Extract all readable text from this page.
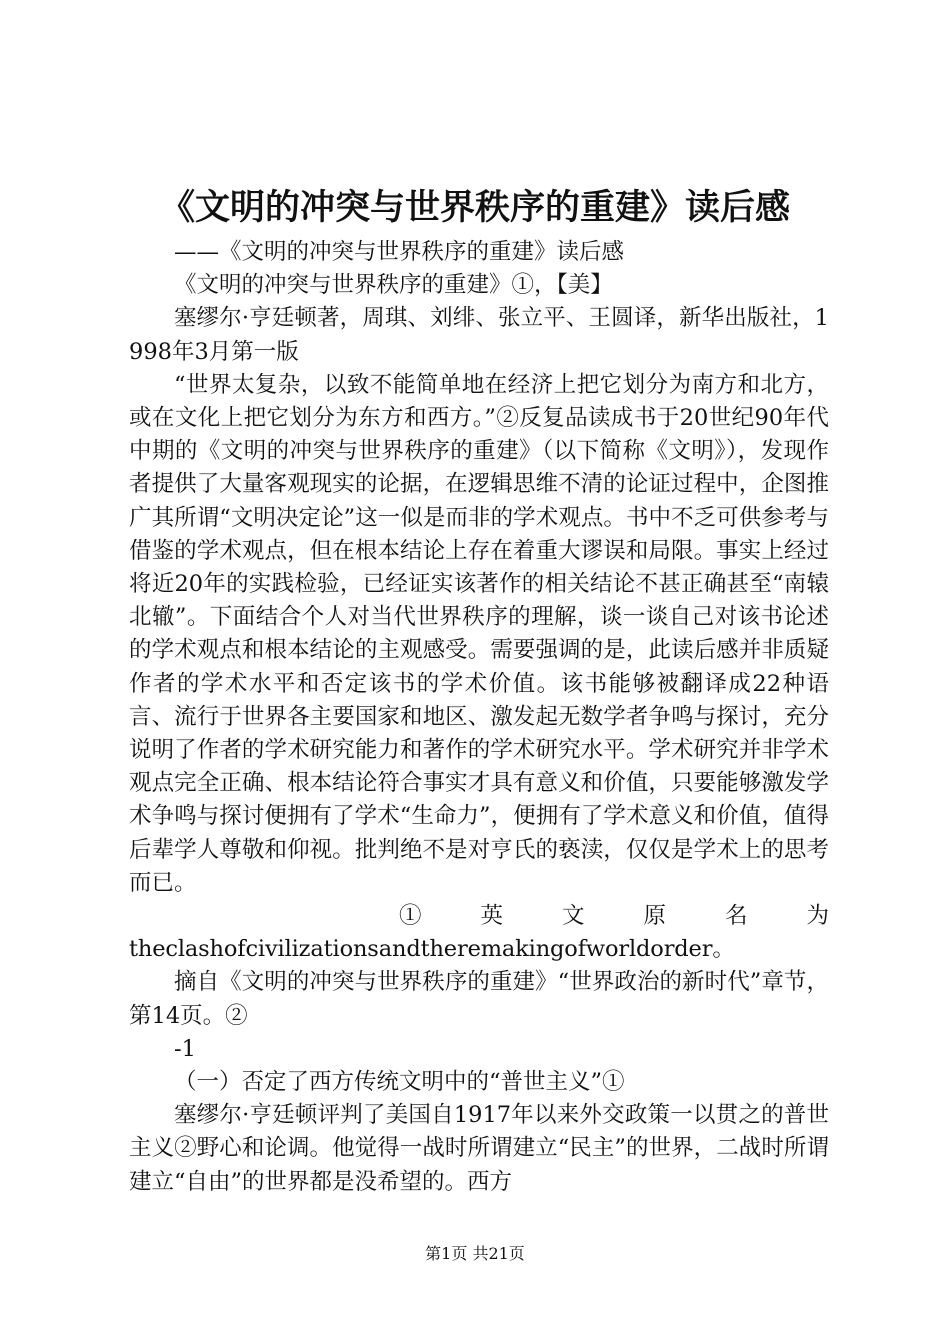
《文明的冲突与世界秩序的重建》读后感

——《文明的冲突与世界秩序的重建》读后感

《文明的冲突与世界秩序的重建》①，【美】

塞缪尔·亨廷顿著，周琪、刘绯、张立平、王圆译，新华出版社，1998年3月第一版

“世界太复杂，以致不能简单地在经济上把它划分为南方和北方，或在文化上把它划分为东方和西方。”②反复品读成书于20世纪90年代中期的《文明的冲突与世界秩序的重建》（以下简称《文明》），发现作者提供了大量客观现实的论据，在逻辑思维不清的论证过程中，企图推广其所谓“文明决定论”这一似是而非的学术观点。书中不乏可供参考与借鉴的学术观点，但在根本结论上存在着重大谬误和局限。事实上经过将近20年的实践检验，已经证实该著作的相关结论不甚正确甚至“南辕北辙”。下面结合个人对当代世界秩序的理解，谈一谈自己对该书论述的学术观点和根本结论的主观感受。需要强调的是，此读后感并非质疑作者的学术水平和否定该书的学术价值。该书能够被翻译成22种语言、流行于世界各主要国家和地区、激发起无数学者争鸣与探讨，充分说明了作者的学术研究能力和著作的学术研究水平。学术研究并非学术观点完全正确、根本结论符合事实才具有意义和价值，只要能够激发学术争鸣与探讨便拥有了学术“生命力”，便拥有了学术意义和价值，值得后辈学人尊敬和仰视。批判绝不是对亨氏的亵渎，仅仅是学术上的思考而已。

① 英 文 原 名 为

theclashofcivilizationsandtheremakingofworldorder。

摘自《文明的冲突与世界秩序的重建》“世界政治的新时代”章节，第14页。②

-1

（一）否定了西方传统文明中的“普世主义”①

塞缪尔·亨廷顿评判了美国自1917年以来外交政策一以贯之的普世主义②野心和论调。他觉得一战时所谓建立“民主”的世界，二战时所谓建立“自由”的世界都是没希望的。西方

第1页 共21页
